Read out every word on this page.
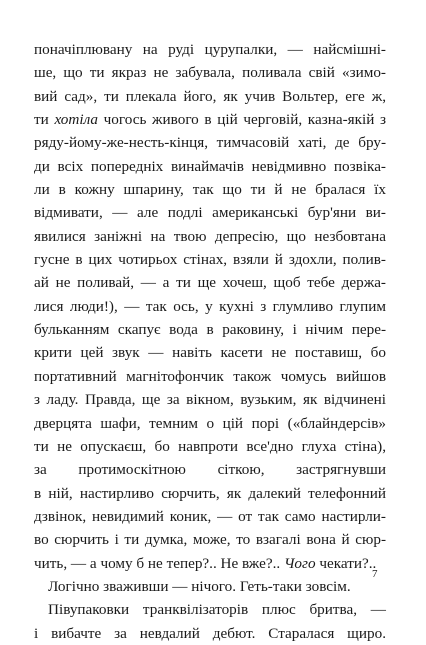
поначіплювану на руді цурупалки, — найсмішні-
ше, що ти якраз не забувала, поливала свій «зимо-
вий сад», ти плекала його, як учив Вольтер, еге ж,
ти хотіла чогось живого в цій черговій, казна-якій з
ряду-йому-же-несть-кінця, тимчасовій хаті, де бру-
ди всіх попередніх винаймачів невідмивно позвіка-
ли в кожну шпарину, так що ти й не бралася їх
відмивати, — але подлі американські бур'яни ви-
явилися заніжні на твою депресію, що незбовтана
гусне в цих чотирьох стінах, взяли й здохли, полив-
ай не поливай, — а ти ще хочеш, щоб тебе держа-
лися люди!), — так ось, у кухні з глумливо глупим
бульканням скапує вода в раковину, і нічим пере-
крити цей звук — навіть касети не поставиш, бо
портативний магнітофончик також чомусь вийшов
з ладу. Правда, ще за вікном, вузьким, як відчинені
дверцята шафи, темним о цій порі («блайндерсів»
ти не опускаєш, бо навпроти все'дно глуха стіна),
за протимоскітною сіткою, застрягнувши
в ній, настирливо сюрчить, як далекий телефонний
дзвінок, невидимий коник, — от так само настирли-
во сюрчить і ти думка, може, то взагалі вона й сюр-
чить, — а чому б не тепер?.. Не вже?.. Чого чекати?..
Логічно зваживши — нічого. Геть-таки зовсім.
Півупаковки транквілізаторів плюс бритва, —
і вибачте за невдалий дебют. Старалася щиро.
7
